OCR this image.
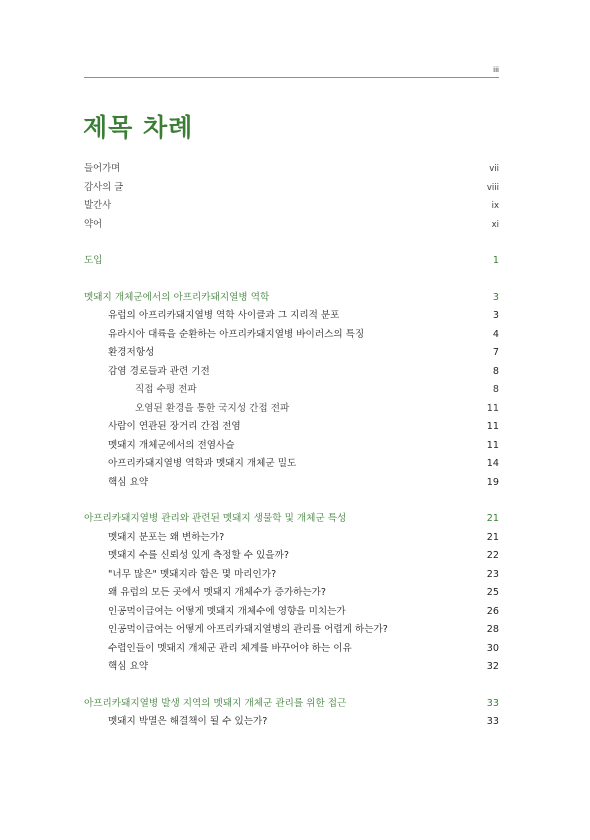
iii
제목 차례
들어가며	vii
감사의 글	viii
발간사	ix
약어	xi
도입	1
멧돼지 개체군에서의 아프리카돼지열병 역학	3
유럽의 아프리카돼지열병 역학 사이클과 그 지리적 분포	3
유라시아 대륙을 순환하는 아프리카돼지열병 바이러스의 특징	4
환경저항성	7
감염 경로들과 관련 기전	8
직접 수평 전파	8
오염된 환경을 통한 국지성 간접 전파	11
사람이 연관된 장거리 간접 전염	11
멧돼지 개체군에서의 전염사슬	11
아프리카돼지열병 역학과 멧돼지 개체군 밀도	14
핵심 요약	19
아프리카돼지열병 관리와 관련된 멧돼지 생물학 및 개체군 특성	21
멧돼지 분포는 왜 변하는가?	21
멧돼지 수를 신뢰성 있게 측정할 수 있을까?	22
"너무 많은" 멧돼지라 함은 몇 마리인가?	23
왜 유럽의 모든 곳에서 멧돼지 개체수가 증가하는가?	25
인공먹이급여는 어떻게 멧돼지 개체수에 영향을 미치는가	26
인공먹이급여는 어떻게 아프리카돼지열병의 관리를 어렵게 하는가?	28
수렵인들이 멧돼지 개체군 관리 체계를 바꾸어야 하는 이유	30
핵심 요약	32
아프리카돼지열병 발생 지역의 멧돼지 개체군 관리를 위한 접근	33
멧돼지 박멸은 해결책이 될 수 있는가?	33
